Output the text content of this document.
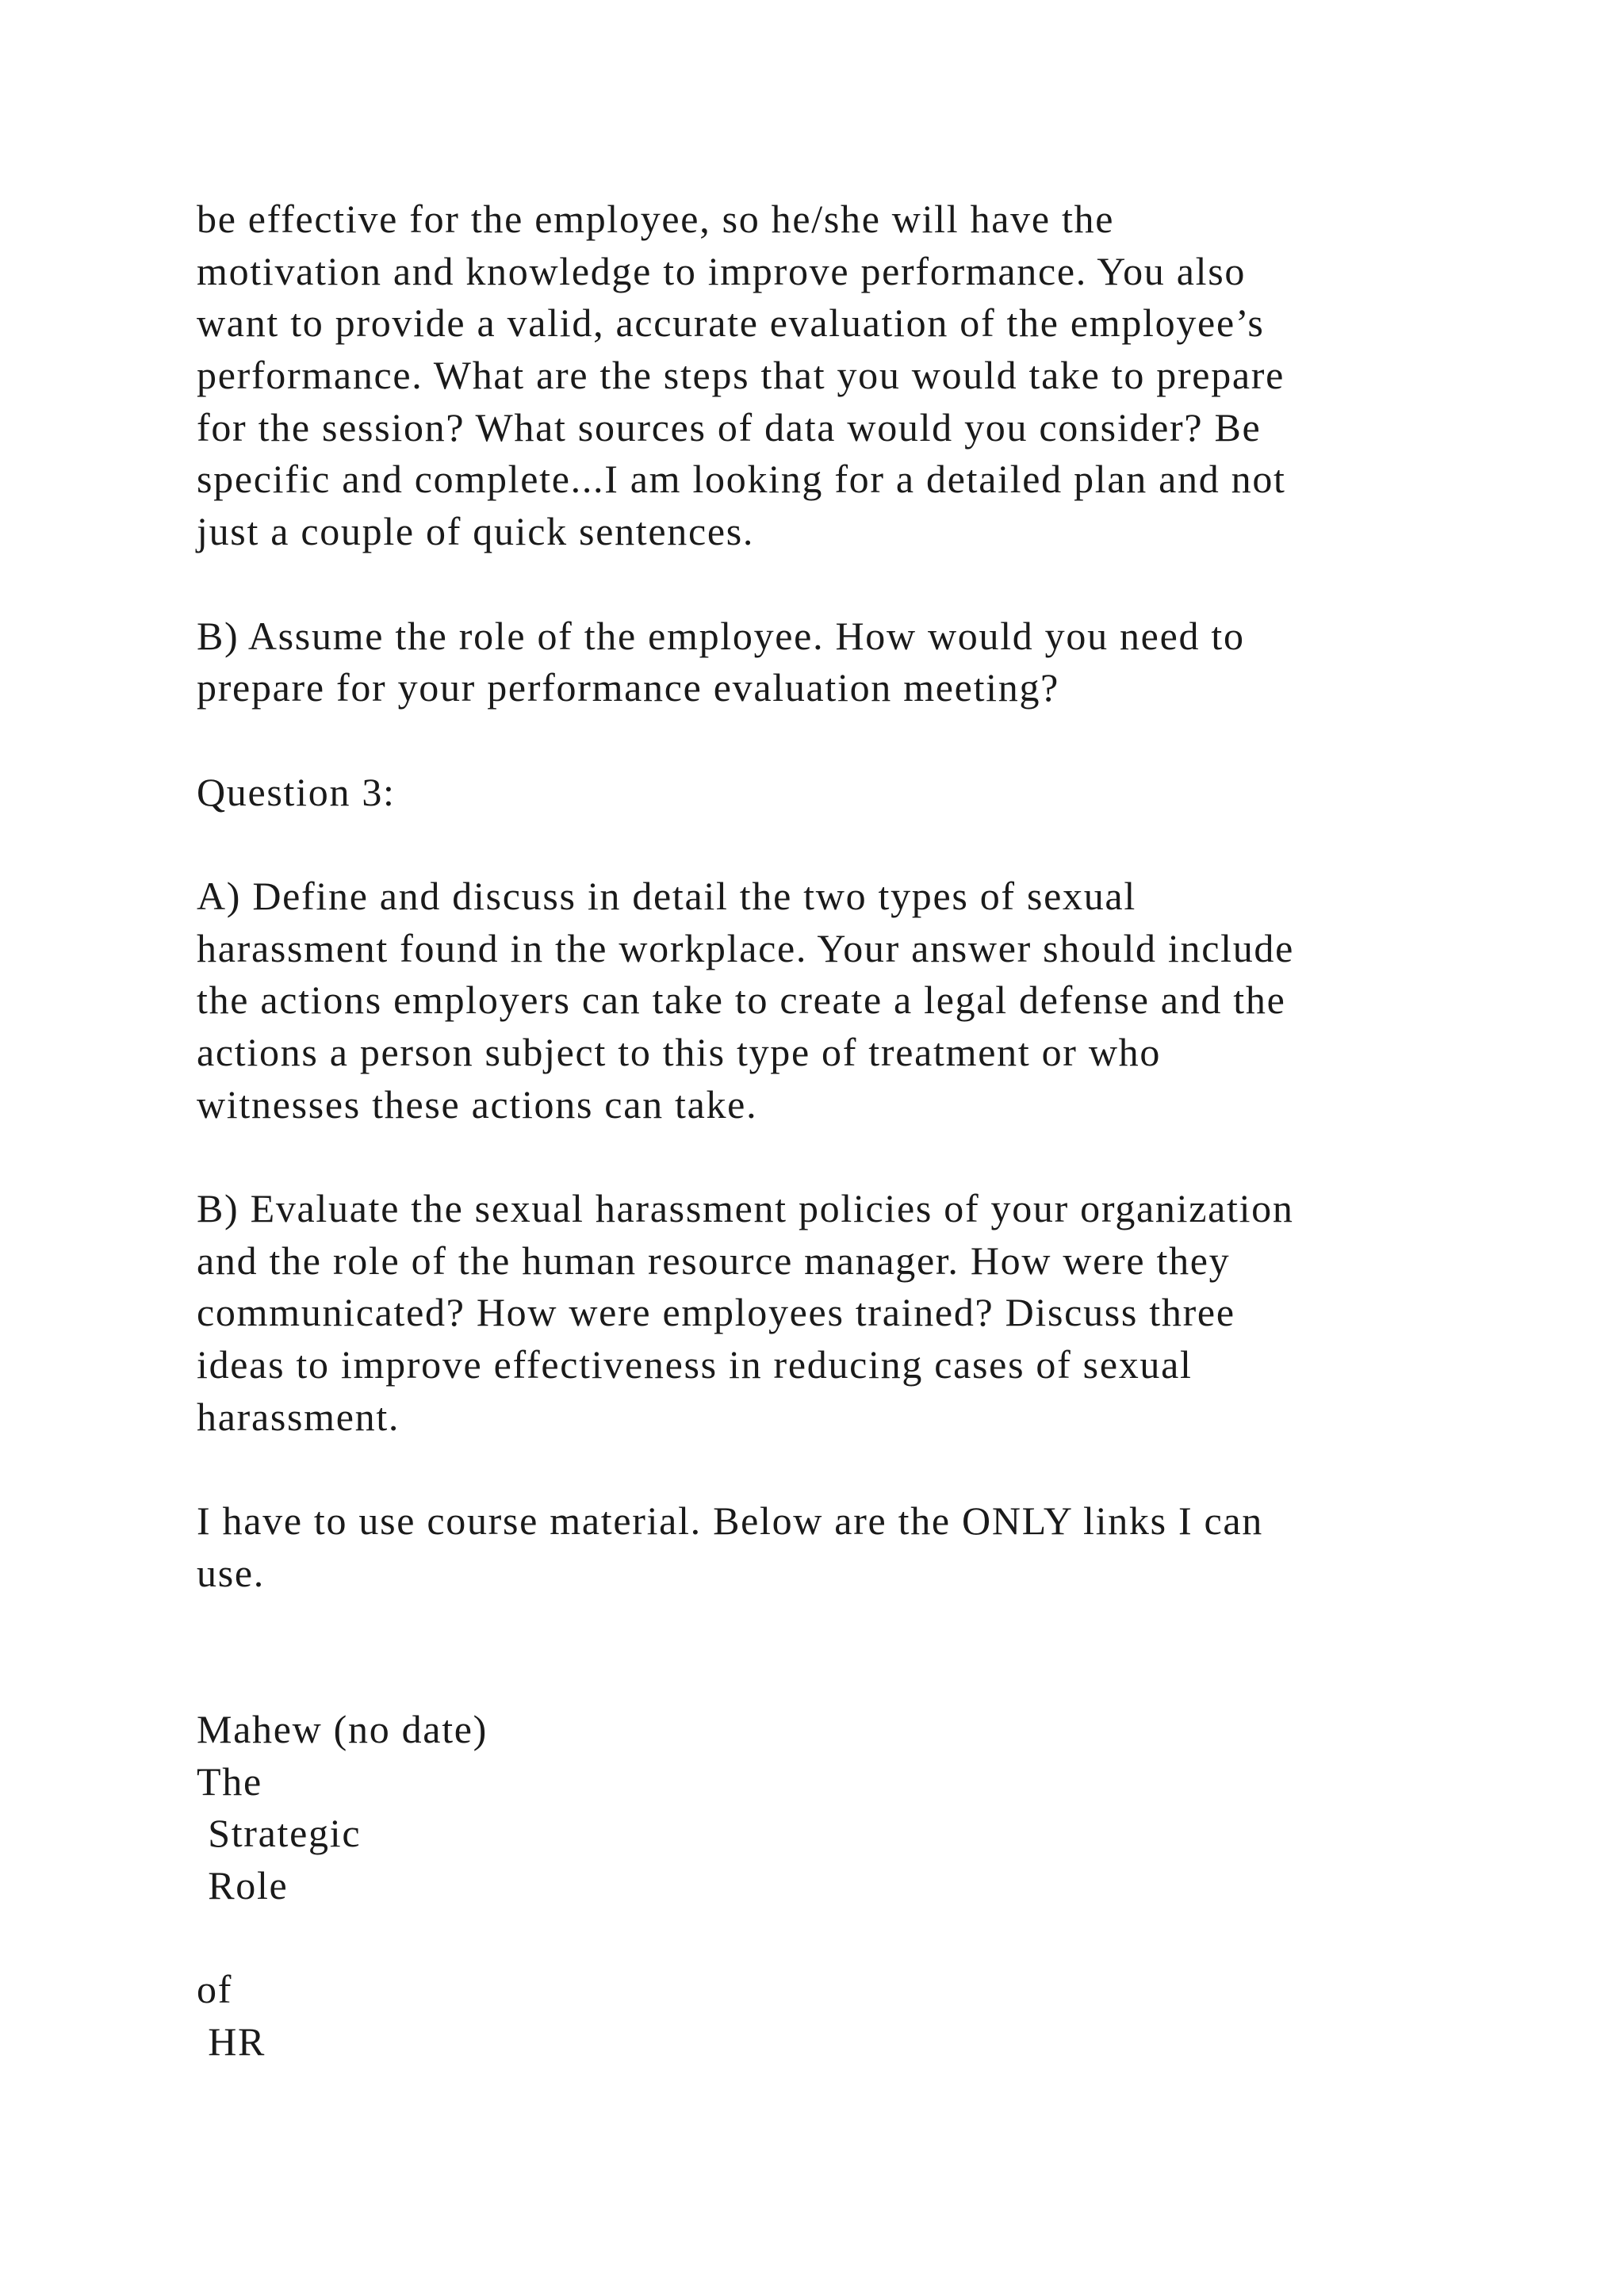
be effective for the employee, so he/she will have the
motivation and knowledge to improve performance. You also
want to provide a valid, accurate evaluation of the employee’s
performance. What are the steps that you would take to prepare
for the session? What sources of data would you consider? Be
specific and complete...I am looking for a detailed plan and not
just a couple of quick sentences.
B) Assume the role of the employee. How would you need to
prepare for your performance evaluation meeting?
Question 3:
A) Define and discuss in detail the two types of sexual
harassment found in the workplace. Your answer should include
the actions employers can take to create a legal defense and the
actions a person subject to this type of treatment or who
witnesses these actions can take.
B) Evaluate the sexual harassment policies of your organization
and the role of the human resource manager. How were they
communicated? How were employees trained? Discuss three
ideas to improve effectiveness in reducing cases of sexual
harassment.
I have to use course material. Below are the ONLY links I can
use.
Mahew (no date)
The
Strategic
Role
of
HR
